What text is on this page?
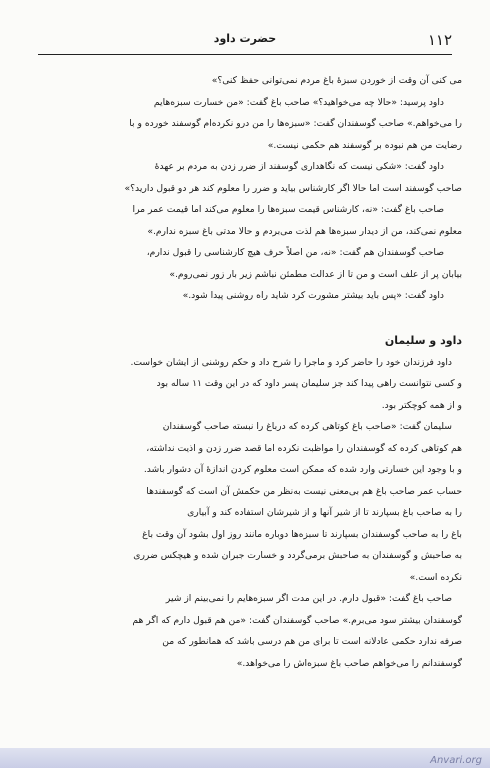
۱۱۲
حضرت داود
می کنی آن وقت از خوردن سبزهٔ باغ مردم نمی‌توانی حفظ کنی؟»
داود پرسید: «حالا چه می‌خواهید؟» صاحب باغ گفت: «من خسارت سبزه‌هایم
را می‌خواهم.» صاحب گوسفندان گفت: «سبزه‌ها را من درو نکرده‌ام گوسفند خورده و با
رضایت من هم نبوده بر گوسفند هم حکمی نیست.»
داود گفت: «شکی نیست که نگاهداری گوسفند از ضرر زدن به مردم بر عهدهٔ
صاحب گوسفند است اما حالا اگر کارشناس بیاید و ضرر را معلوم کند هر دو قبول دارید؟»
صاحب باغ گفت: «نه، کارشناس قیمت سبزه‌ها را معلوم می‌کند اما قیمت عمر مرا
معلوم نمی‌کند، من از دیدار سبزه‌ها هم لذت می‌بردم و حالا مدتی باغ سبزه ندارم.»
صاحب گوسفندان هم گفت: «نه، من اصلاً حرف هیچ کارشناسی را قبول ندارم،
بیابان پر از علف است و من تا از عدالت مطمئن نباشم زیر بار زور نمی‌روم.»
داود گفت: «پس باید بیشتر مشورت کرد شاید راه روشنی پیدا شود.»
داود و سلیمان
داود فرزندان خود را حاضر کرد و ماجرا را شرح داد و حکم روشنی از ایشان خواست.
و کسی نتوانست راهی پیدا کند جز سلیمان پسر داود که در این وقت ۱۱ ساله بود
و از همه کوچکتر بود.
سلیمان گفت: «صاحب باغ کوتاهی کرده که درباغ را نبسته صاحب گوسفندان
هم کوتاهی کرده که گوسفندان را مواظبت نکرده اما قصد ضرر زدن و اذیت نداشته،
و با وجود این خسارتی وارد شده که ممکن است معلوم کردن اندازهٔ آن دشوار باشد.
حساب عمر صاحب باغ هم بی‌معنی نیست به‌نظر من حکمش آن است که گوسفندها
را به صاحب باغ بسپارند تا از شیر آنها و از شیرشان استفاده کند و آبیاری
باغ را به صاحب گوسفندان بسپارند تا سبزه‌ها دوباره مانند روز اول بشود آن وقت باغ
به صاحبش و گوسفندان به صاحبش برمی‌گردد و خسارت جبران شده و هیچکس ضرری
نکرده است.»
صاحب باغ گفت: «قبول دارم. در این مدت اگر سبزه‌هایم را نمی‌بینم از شیر
گوسفندان بیشتر سود می‌برم.» صاحب گوسفندان گفت: «من هم قبول دارم که اگر هم
صرفه ندارد حکمی عادلانه است تا برای من هم درسی باشد که همانطور که من
گوسفندانم را می‌خواهم صاحب باغ سبزه‌اش را می‌خواهد.»
Anvari.org
